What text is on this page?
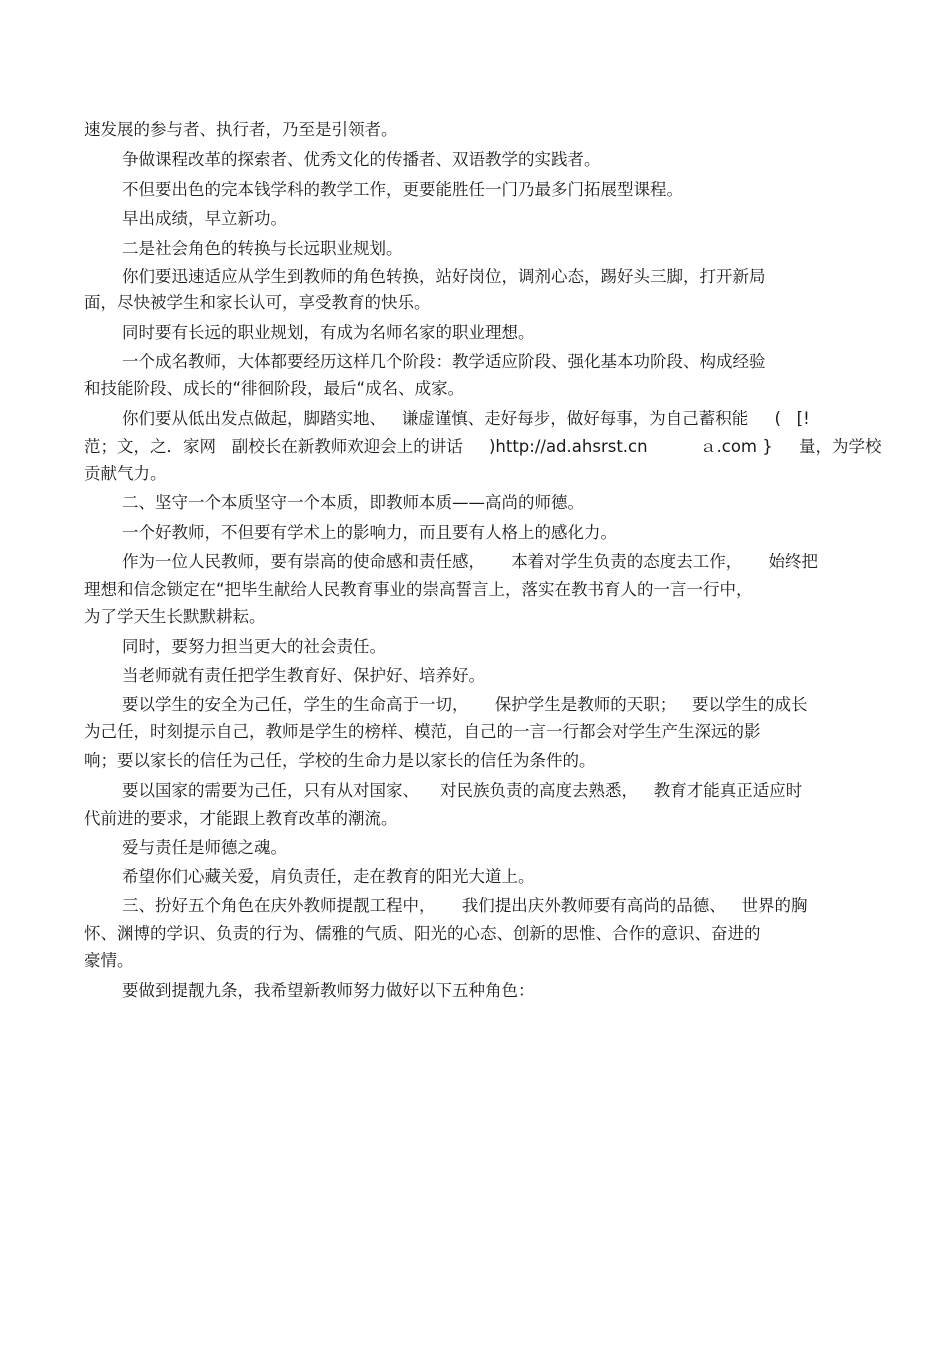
速发展的参与者、执行者，乃至是引领者。
争做课程改革的探索者、优秀文化的传播者、双语教学的实践者。
不但要出色的完本钱学科的教学工作，更要能胜任一门乃最多门拓展型课程。
早出成绩，早立新功。
二是社会角色的转换与长远职业规划。
你们要迅速适应从学生到教师的角色转换，站好岗位，调剂心态，踢好头三脚，打开新局
面，尽快被学生和家长认可，享受教育的快乐。
同时要有长远的职业规划，有成为名师名家的职业理想。
一个成名教师，大体都要经历这样几个阶段：教学适应阶段、强化基本功阶段、构成经验
和技能阶段、成长的“徘徊阶段，最后“成名、成家。
你们要从低出发点做起，脚踏实地、   谦虚谨慎、走好每步，做好每事，为自己蓄积能     (   [!
范；文，之．家网   副校长在新教师欢迎会上的讲话     )http://ad.ahsrst.cn          ａ.com }     量，为学校
贡献气力。
二、坚守一个本质坚守一个本质，即教师本质——高尚的师德。
一个好教师，不但要有学术上的影响力，而且要有人格上的感化力。
作为一位人民教师，要有崇高的使命感和责任感，     本着对学生负责的态度去工作，     始终把
理想和信念锁定在“把毕生献给人民教育事业的崇高誓言上，落实在教书育人的一言一行中，
为了学天生长默默耕耘。
同时，要努力担当更大的社会责任。
当老师就有责任把学生教育好、保护好、培养好。
要以学生的安全为己任，学生的生命高于一切，     保护学生是教师的天职；   要以学生的成长
为己任，时刻提示自己，教师是学生的榜样、模范，自己的一言一行都会对学生产生深远的影
响；要以家长的信任为己任，学校的生命力是以家长的信任为条件的。
要以国家的需要为己任，只有从对国家、    对民族负责的高度去熟悉，   教育才能真正适应时
代前进的要求，才能跟上教育改革的潮流。
爱与责任是师德之魂。
希望你们心藏关爱，肩负责任，走在教育的阳光大道上。
三、扮好五个角色在庆外教师提靓工程中，     我们提出庆外教师要有高尚的品德、   世界的胸
怀、渊博的学识、负责的行为、儒雅的气质、阳光的心态、创新的思惟、合作的意识、奋进的
豪情。
要做到提靓九条，我希望新教师努力做好以下五种角色：
